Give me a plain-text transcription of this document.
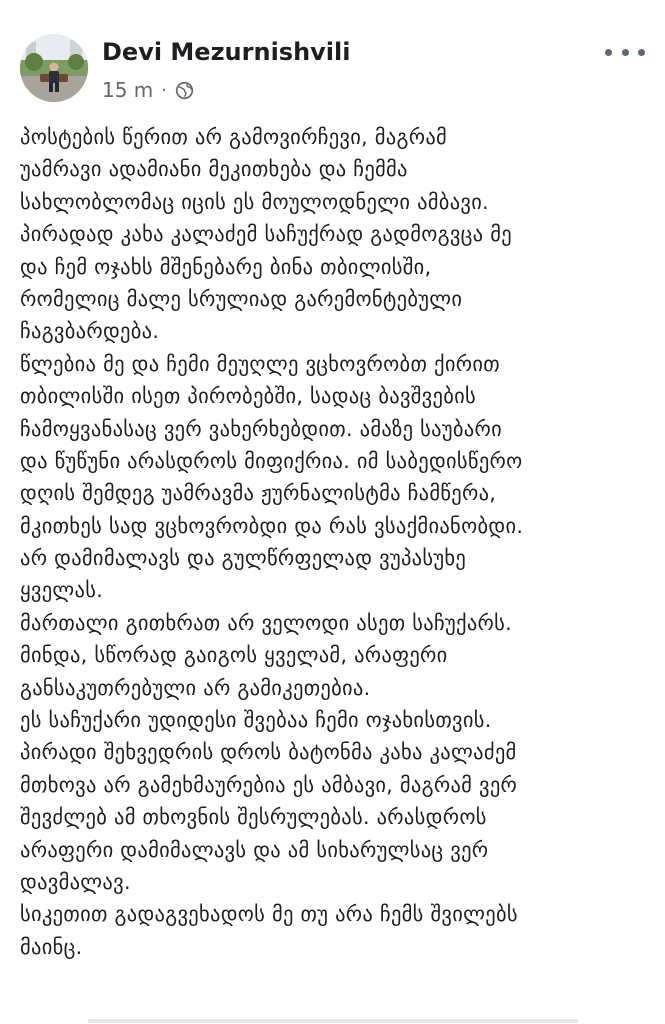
Devi Mezurnishvili
15 m ·
პოსტების წერით არ გამოვირჩევი, მაგრამ
უამრავი ადამიანი მეკითხება და ჩემმა
სახლობლომაც იცის ეს მოულოდნელი ამბავი.
პირადად კახა კალაძემ საჩუქრად გადმოგვცა მე
და ჩემ ოჯახს მშენებარე ბინა თბილისში,
რომელიც მალე სრულიად გარემონტებული
ჩაგვბარდება.
წლებია მე და ჩემი მეუღლე ვცხოვრობთ ქირით
თბილისში ისეთ პირობებში, სადაც ბავშვების
ჩამოყვანასაც ვერ ვახერხებდით. ამაზე საუბარი
და წუწუნი არასდროს მიფიქრია. იმ საბედისწერო
დღის შემდეგ უამრავმა ჟურნალისტმა ჩამწერა,
მკითხეს სად ვცხოვრობდი და რას ვსაქმიანობდი.
არ დამიმალავს და გულწრფელად ვუპასუხე
ყველას.
მართალი გითხრათ არ ველოდი ასეთ საჩუქარს.
მინდა, სწორად გაიგოს ყველამ, არაფერი
განსაკუთრებული არ გამიკეთებია.
ეს საჩუქარი უდიდესი შვებაა ჩემი ოჯახისთვის.
პირადი შეხვედრის დროს ბატონმა კახა კალაძემ
მთხოვა არ გამეხმაურებია ეს ამბავი, მაგრამ ვერ
შევძლებ ამ თხოვნის შესრულებას. არასდროს
არაფერი დამიმალავს და ამ სიხარულსაც ვერ
დავმალავ.
სიკეთით გადაგვეხადოს მე თუ არა ჩემს შვილებს
მაინც.
